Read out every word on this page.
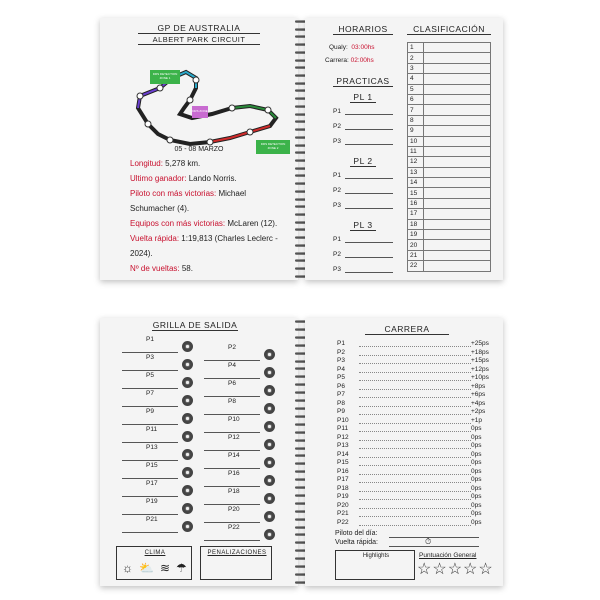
GP DE AUSTRALIA
ALBERT PARK CIRCUIT
DRS DETECTION ZONE 1
DRS ZONE
DRS DETECTION ZONE 2
05 - 08 MARZO

Longitud: 5,278 km.

Ultimo ganador: Lando Norris.

Piloto con más victorias: Michael Schumacher (4).

Equipos con más victorias: McLaren (12).

Vuelta rápida: 1:19,813 (Charles Leclerc - 2024).

Nº de vueltas: 58.

HORARIOS
Qualy:
03:00hs
Carrera:
02:00hs
PRACTICAS
PL 1
P1
P2
P3
PL 2
P1
P2
P3
PL 3
P1
P2
P3
CLASIFICACIÓN
1	
2	
3	
4	
5	
6	
7	
8	
9	
10	
11	
12	
13	
14	
15	
16	
17	
18	
19	
20	
21	
22	
GRILLA DE SALIDA
P1
P3
P5
P7
P9
P11
P13
P15
P17
P19
P21
P2
P4
P6
P8
P10
P12
P14
P16
P18
P20
P22
CLIMA
☼ ⛅ ≋ ☂
PENALIZACIONES
CARRERA
P1	+25ps
P2	+18ps
P3	+15ps
P4	+12ps
P5	+10ps
P6	+8ps
P7	+6ps
P8	+4ps
P9	+2ps
P10	+1p
P11	0ps
P12	0ps
P13	0ps
P14	0ps
P15	0ps
P16	0ps
P17	0ps
P18	0ps
P19	0ps
P20	0ps
P21	0ps
P22	0ps
Piloto del día:
Vuelta rápida:	⏱
Highlights	Puntuación General
☆☆☆☆☆
